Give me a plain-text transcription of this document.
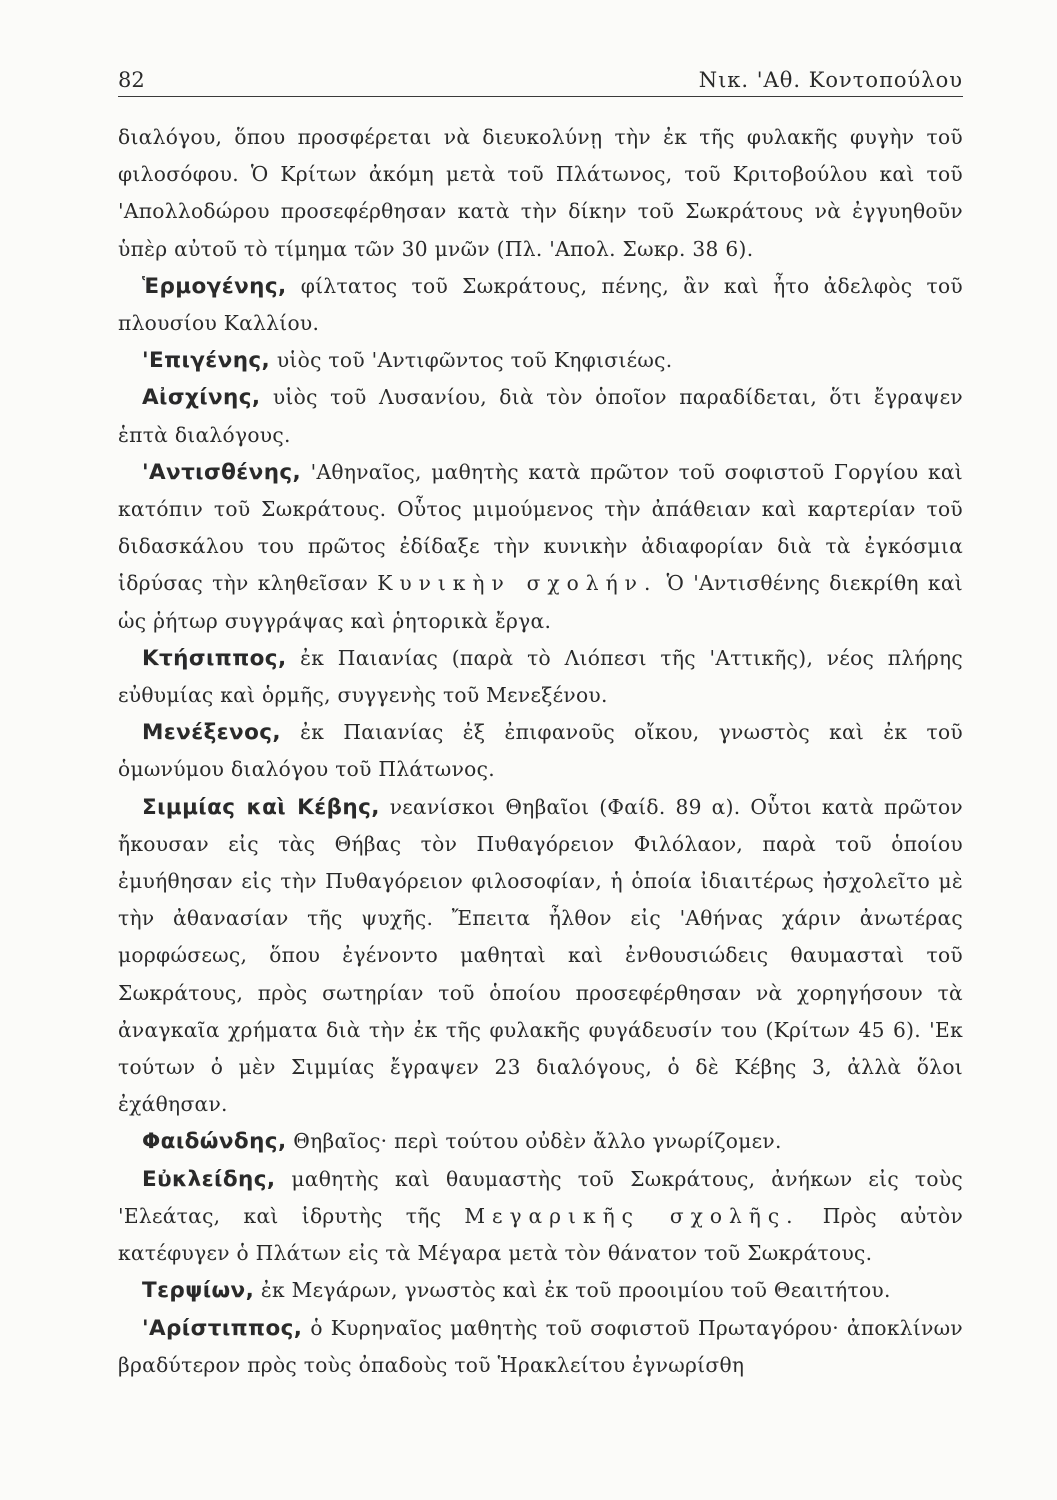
82	Νικ. 'Αθ. Κοντοπούλου

διαλόγου, ὅπου προσφέρεται νὰ διευκολύνῃ τὴν ἐκ τῆς φυλακῆς φυγὴν τοῦ φιλοσόφου. Ὁ Κρίτων ἀκόμη μετὰ τοῦ Πλάτωνος, τοῦ Κριτοβούλου καὶ τοῦ 'Απολλοδώρου προσεφέρθησαν κατὰ τὴν δίκην τοῦ Σωκράτους νὰ ἐγγυηθοῦν ὑπὲρ αὐτοῦ τὸ τίμημα τῶν 30 μνῶν (Πλ. 'Απολ. Σωκρ. 38 6).

Ἑρμογένης, φίλτατος τοῦ Σωκράτους, πένης, ἂν καὶ ἦτο ἀδελφὸς τοῦ πλουσίου Καλλίου.

'Επιγένης, υἱὸς τοῦ 'Αντιφῶντος τοῦ Κηφισιέως.

Αἰσχίνης, υἱὸς τοῦ Λυσανίου, διὰ τὸν ὁποῖον παραδίδεται, ὅτι ἔγραψεν ἑπτὰ διαλόγους.

'Αντισθένης, 'Αθηναῖος, μαθητὴς κατὰ πρῶτον τοῦ σοφιστοῦ Γοργίου καὶ κατόπιν τοῦ Σωκράτους. Οὗτος μιμούμενος τὴν ἀπάθειαν καὶ καρτερίαν τοῦ διδασκάλου του πρῶτος ἐδίδαξε τὴν κυνικὴν ἀδιαφορίαν διὰ τὰ ἐγκόσμια ἱδρύσας τὴν κληθεῖσαν Κυνικὴν σχολήν. Ὁ 'Αντισθένης διεκρίθη καὶ ὡς ῥήτωρ συγγράψας καὶ ῥητορικὰ ἔργα.

Κτήσιππος, ἐκ Παιανίας (παρὰ τὸ Λιόπεσι τῆς 'Αττικῆς), νέος πλήρης εὐθυμίας καὶ ὁρμῆς, συγγενὴς τοῦ Μενεξένου.

Μενέξενος, ἐκ Παιανίας ἐξ ἐπιφανοῦς οἴκου, γνωστὸς καὶ ἐκ τοῦ ὁμωνύμου διαλόγου τοῦ Πλάτωνος.

Σιμμίας καὶ Κέβης, νεανίσκοι Θηβαῖοι (Φαίδ. 89 α). Οὗτοι κατὰ πρῶτον ἤκουσαν εἰς τὰς Θήβας τὸν Πυθαγόρειον Φιλόλαον, παρὰ τοῦ ὁποίου ἐμυήθησαν εἰς τὴν Πυθαγόρειον φιλοσοφίαν, ἡ ὁποία ἰδιαιτέρως ἠσχολεῖτο μὲ τὴν ἀθανασίαν τῆς ψυχῆς. Ἔπειτα ἦλθον εἰς 'Αθήνας χάριν ἀνωτέρας μορφώσεως, ὅπου ἐγένοντο μαθηταὶ καὶ ἐνθουσιώδεις θαυμασταὶ τοῦ Σωκράτους, πρὸς σωτηρίαν τοῦ ὁποίου προσεφέρθησαν νὰ χορηγήσουν τὰ ἀναγκαῖα χρήματα διὰ τὴν ἐκ τῆς φυλακῆς φυγάδευσίν του (Κρίτων 45 6). 'Εκ τούτων ὁ μὲν Σιμμίας ἔγραψεν 23 διαλόγους, ὁ δὲ Κέβης 3, ἀλλὰ ὅλοι ἐχάθησαν.

Φαιδώνδης, Θηβαῖος· περὶ τούτου οὐδὲν ἄλλο γνωρίζομεν.

Εὐκλείδης, μαθητὴς καὶ θαυμαστὴς τοῦ Σωκράτους, ἀνήκων εἰς τοὺς 'Ελεάτας, καὶ ἱδρυτὴς τῆς Μεγαρικῆς σχολῆς. Πρὸς αὐτὸν κατέφυγεν ὁ Πλάτων εἰς τὰ Μέγαρα μετὰ τὸν θάνατον τοῦ Σωκράτους.

Τερψίων, ἐκ Μεγάρων, γνωστὸς καὶ ἐκ τοῦ προοιμίου τοῦ Θεαιτήτου.

'Αρίστιππος, ὁ Κυρηναῖος μαθητὴς τοῦ σοφιστοῦ Πρωταγόρου· ἀποκλίνων βραδύτερον πρὸς τοὺς ὀπαδοὺς τοῦ Ἡρακλείτου ἐγνωρίσθη
